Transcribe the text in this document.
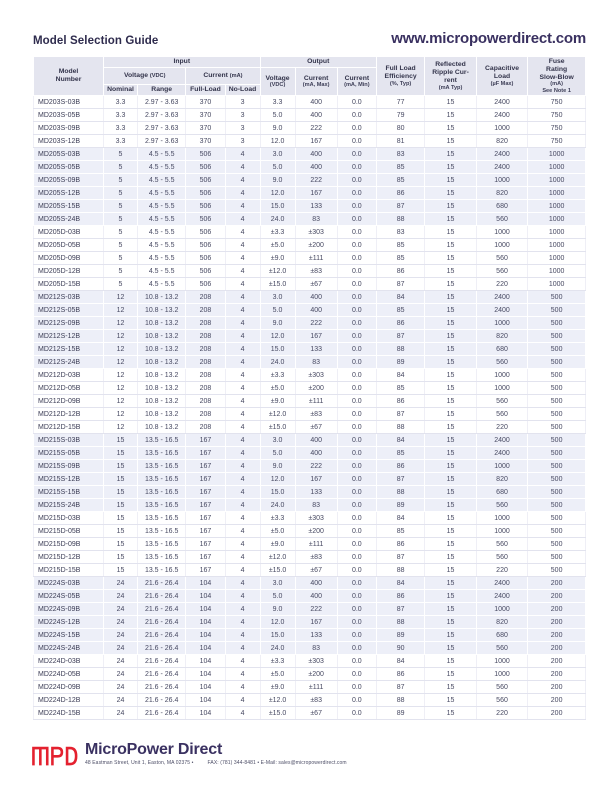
Model Selection Guide	www.micropowerdirect.com
Model
Number	Input				Output			Full Load
Efficiency
(%, Typ)	Reflected
Ripple Cur-
rent
(mA Typ)	Capacitive
Load
(µF Max)	Fuse
Rating
Slow-Blow
(mA)
See Note 1

	Voltage (VDC)		Current (mA)		Voltage
(VDC)	Current
(mA, Max)	Current
(mA, Min)				

	Nominal	Range	Full-Load	No-Load							
MD203S-03B	3.3	2.97 - 3.63	370	3	3.3	400	0.0	77	15	2400	750
MD203S-05B	3.3	2.97 - 3.63	370	3	5.0	400	0.0	79	15	2400	750
MD203S-09B	3.3	2.97 - 3.63	370	3	9.0	222	0.0	80	15	1000	750
MD203S-12B	3.3	2.97 - 3.63	370	3	12.0	167	0.0	81	15	820	750
MD205S-03B	5	4.5 - 5.5	506	4	3.0	400	0.0	83	15	2400	1000
MD205S-05B	5	4.5 - 5.5	506	4	5.0	400	0.0	85	15	2400	1000
MD205S-09B	5	4.5 - 5.5	506	4	9.0	222	0.0	85	15	1000	1000
MD205S-12B	5	4.5 - 5.5	506	4	12.0	167	0.0	86	15	820	1000
MD205S-15B	5	4.5 - 5.5	506	4	15.0	133	0.0	87	15	680	1000
MD205S-24B	5	4.5 - 5.5	506	4	24.0	83	0.0	88	15	560	1000
MD205D-03B	5	4.5 - 5.5	506	4	±3.3	±303	0.0	83	15	1000	1000
MD205D-05B	5	4.5 - 5.5	506	4	±5.0	±200	0.0	85	15	1000	1000
MD205D-09B	5	4.5 - 5.5	506	4	±9.0	±111	0.0	85	15	560	1000
MD205D-12B	5	4.5 - 5.5	506	4	±12.0	±83	0.0	86	15	560	1000
MD205D-15B	5	4.5 - 5.5	506	4	±15.0	±67	0.0	87	15	220	1000
MD212S-03B	12	10.8 - 13.2	208	4	3.0	400	0.0	84	15	2400	500
MD212S-05B	12	10.8 - 13.2	208	4	5.0	400	0.0	85	15	2400	500
MD212S-09B	12	10.8 - 13.2	208	4	9.0	222	0.0	86	15	1000	500
MD212S-12B	12	10.8 - 13.2	208	4	12.0	167	0.0	87	15	820	500
MD212S-15B	12	10.8 - 13.2	208	4	15.0	133	0.0	88	15	680	500
MD212S-24B	12	10.8 - 13.2	208	4	24.0	83	0.0	89	15	560	500
MD212D-03B	12	10.8 - 13.2	208	4	±3.3	±303	0.0	84	15	1000	500
MD212D-05B	12	10.8 - 13.2	208	4	±5.0	±200	0.0	85	15	1000	500
MD212D-09B	12	10.8 - 13.2	208	4	±9.0	±111	0.0	86	15	560	500
MD212D-12B	12	10.8 - 13.2	208	4	±12.0	±83	0.0	87	15	560	500
MD212D-15B	12	10.8 - 13.2	208	4	±15.0	±67	0.0	88	15	220	500
MD215S-03B	15	13.5 - 16.5	167	4	3.0	400	0.0	84	15	2400	500
MD215S-05B	15	13.5 - 16.5	167	4	5.0	400	0.0	85	15	2400	500
MD215S-09B	15	13.5 - 16.5	167	4	9.0	222	0.0	86	15	1000	500
MD215S-12B	15	13.5 - 16.5	167	4	12.0	167	0.0	87	15	820	500
MD215S-15B	15	13.5 - 16.5	167	4	15.0	133	0.0	88	15	680	500
MD215S-24B	15	13.5 - 16.5	167	4	24.0	83	0.0	89	15	560	500
MD215D-03B	15	13.5 - 16.5	167	4	±3.3	±303	0.0	84	15	1000	500
MD215D-05B	15	13.5 - 16.5	167	4	±5.0	±200	0.0	85	15	1000	500
MD215D-09B	15	13.5 - 16.5	167	4	±9.0	±111	0.0	86	15	560	500
MD215D-12B	15	13.5 - 16.5	167	4	±12.0	±83	0.0	87	15	560	500
MD215D-15B	15	13.5 - 16.5	167	4	±15.0	±67	0.0	88	15	220	500
MD224S-03B	24	21.6 - 26.4	104	4	3.0	400	0.0	84	15	2400	200
MD224S-05B	24	21.6 - 26.4	104	4	5.0	400	0.0	86	15	2400	200
MD224S-09B	24	21.6 - 26.4	104	4	9.0	222	0.0	87	15	1000	200
MD224S-12B	24	21.6 - 26.4	104	4	12.0	167	0.0	88	15	820	200
MD224S-15B	24	21.6 - 26.4	104	4	15.0	133	0.0	89	15	680	200
MD224S-24B	24	21.6 - 26.4	104	4	24.0	83	0.0	90	15	560	200
MD224D-03B	24	21.6 - 26.4	104	4	±3.3	±303	0.0	84	15	1000	200
MD224D-05B	24	21.6 - 26.4	104	4	±5.0	±200	0.0	86	15	1000	200
MD224D-09B	24	21.6 - 26.4	104	4	±9.0	±111	0.0	87	15	560	200
MD224D-12B	24	21.6 - 26.4	104	4	±12.0	±83	0.0	88	15	560	200
MD224D-15B	24	21.6 - 26.4	104	4	±15.0	±67	0.0	89	15	220	200
MicroPower Direct
48 Eastman Street, Unit 1, Easton, MA 02375 •	FAX: (781) 344-8481 • E-Mail: sales@micropowerdirect.com
